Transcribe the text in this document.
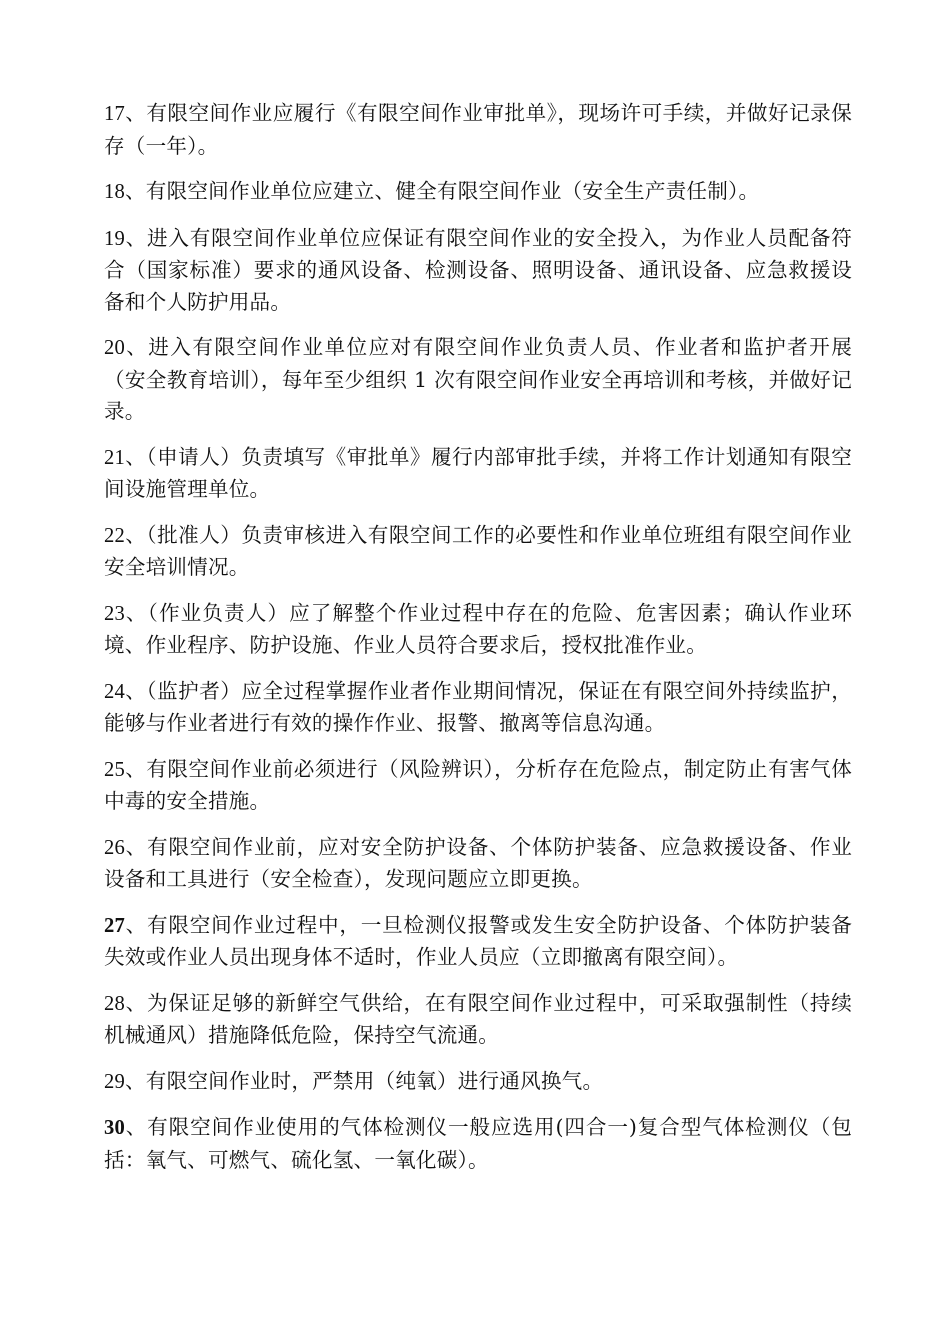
17、有限空间作业应履行《有限空间作业审批单》，现场许可手续，并做好记录保存（一年）。

18、有限空间作业单位应建立、健全有限空间作业（安全生产责任制）。

19、进入有限空间作业单位应保证有限空间作业的安全投入，为作业人员配备符合（国家标准）要求的通风设备、检测设备、照明设备、通讯设备、应急救援设备和个人防护用品。

20、进入有限空间作业单位应对有限空间作业负责人员、作业者和监护者开展（安全教育培训），每年至少组织 1 次有限空间作业安全再培训和考核，并做好记录。

21、（申请人）负责填写《审批单》履行内部审批手续，并将工作计划通知有限空间设施管理单位。

22、（批准人）负责审核进入有限空间工作的必要性和作业单位班组有限空间作业安全培训情况。

23、（作业负责人）应了解整个作业过程中存在的危险、危害因素；确认作业环境、作业程序、防护设施、作业人员符合要求后，授权批准作业。

24、（监护者）应全过程掌握作业者作业期间情况，保证在有限空间外持续监护，能够与作业者进行有效的操作作业、报警、撤离等信息沟通。

25、有限空间作业前必须进行（风险辨识），分析存在危险点，制定防止有害气体中毒的安全措施。

26、有限空间作业前，应对安全防护设备、个体防护装备、应急救援设备、作业设备和工具进行（安全检查），发现问题应立即更换。

27、有限空间作业过程中，一旦检测仪报警或发生安全防护设备、个体防护装备失效或作业人员出现身体不适时，作业人员应（立即撤离有限空间）。

28、为保证足够的新鲜空气供给，在有限空间作业过程中，可采取强制性（持续机械通风）措施降低危险，保持空气流通。

29、有限空间作业时，严禁用（纯氧）进行通风换气。

30、有限空间作业使用的气体检测仪一般应选用(四合一)复合型气体检测仪（包括：氧气、可燃气、硫化氢、一氧化碳）。
